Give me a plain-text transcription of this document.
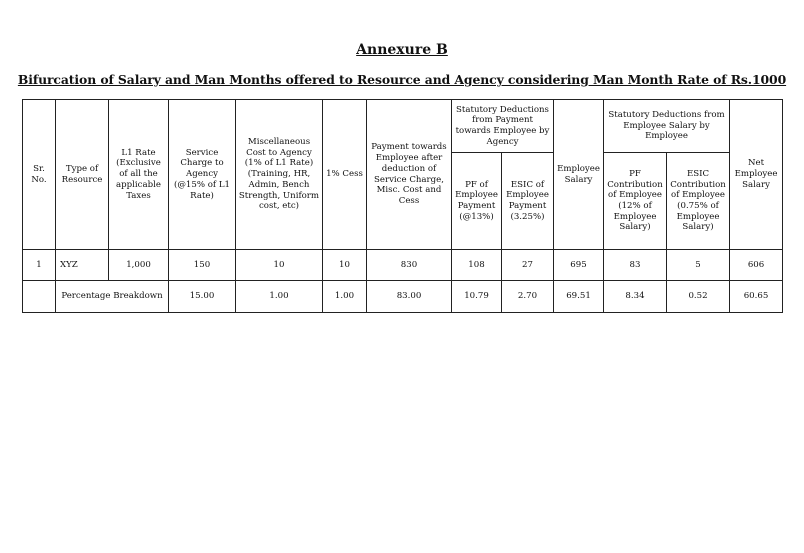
Annexure B
Bifurcation of Salary and Man Months offered to Resource and Agency considering Man Month Rate of Rs.1000
Sr. No.	Type of Resource	L1 Rate (Exclusive of all the applicable Taxes	Service Charge to Agency (@15% of L1 Rate)	Miscellaneous Cost to Agency (1% of L1 Rate) (Training, HR, Admin, Bench Strength, Uniform cost, etc)	1% Cess	Payment towards Employee after deduction of Service Charge, Misc. Cost and Cess	Statutory Deductions from Payment towards Employee by Agency		Employee Salary	Statutory Deductions from Employee Salary by Employee		Net Employee Salary
							PF of Employee Payment (@13%)	ESIC of Employee Payment (3.25%)		PF Contribution of Employee (12% of Employee Salary)	ESIC Contribution of Employee (0.75% of Employee Salary)	
1	XYZ	1,000	150	10	10	830	108	27	695	83	5	606
	Percentage Breakdown		15.00	1.00	1.00	83.00	10.79	2.70	69.51	8.34	0.52	60.65
